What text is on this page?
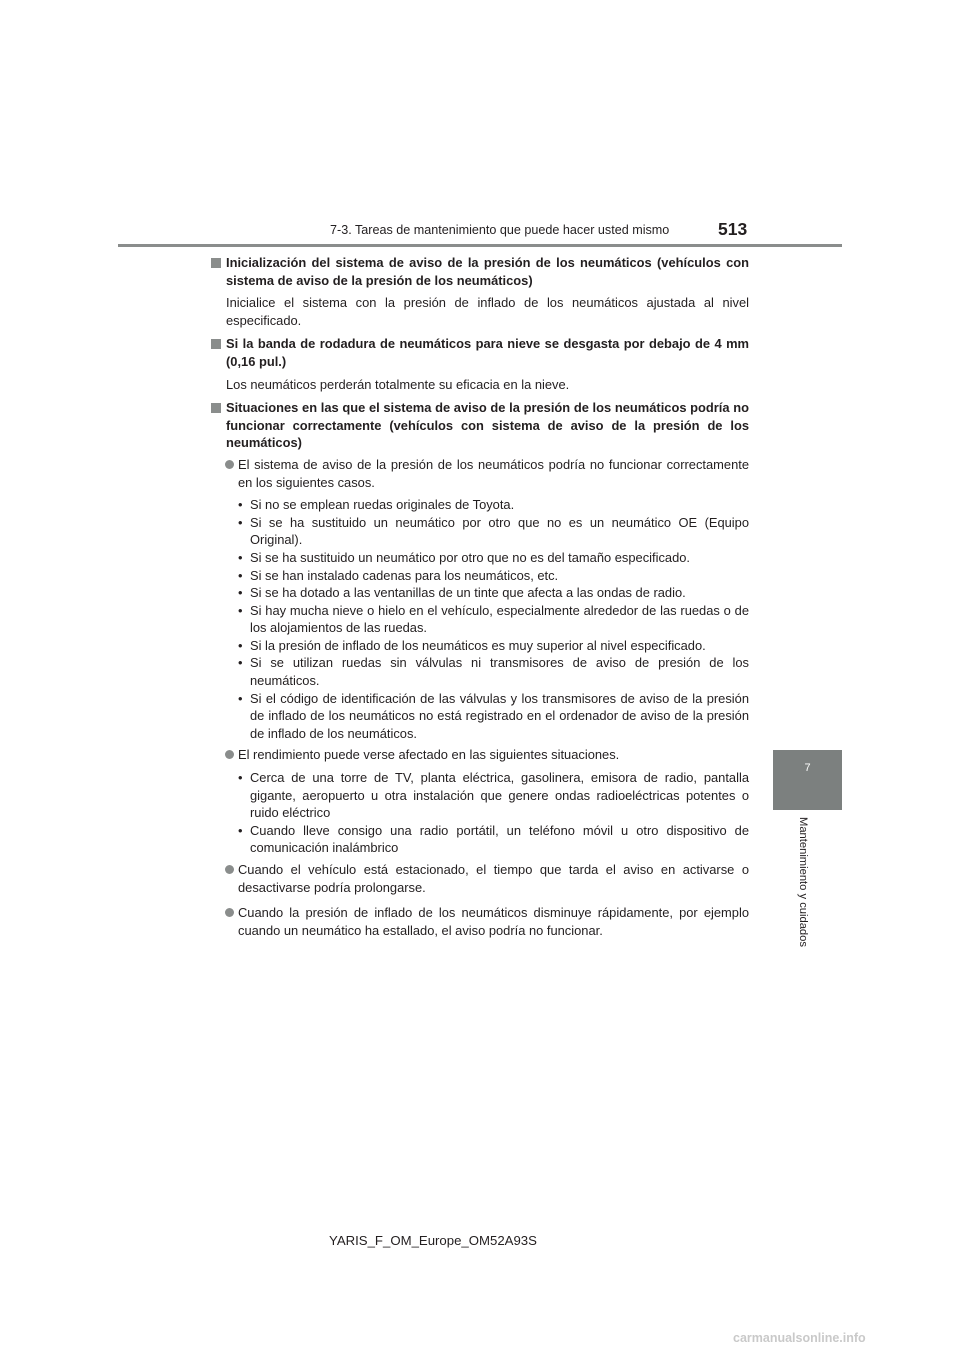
7-3. Tareas de mantenimiento que puede hacer usted mismo	513
7
Mantenimiento y cuidados

Inicialización del sistema de aviso de la presión de los neumáticos (vehículos con sistema de aviso de la presión de los neumáticos)

Inicialice el sistema con la presión de inflado de los neumáticos ajustada al nivel especificado.

Si la banda de rodadura de neumáticos para nieve se desgasta por debajo de 4 mm (0,16 pul.)

Los neumáticos perderán totalmente su eficacia en la nieve.

Situaciones en las que el sistema de aviso de la presión de los neumáticos podría no funcionar correctamente (vehículos con sistema de aviso de la presión de los neumáticos)

El sistema de aviso de la presión de los neumáticos podría no funcionar correctamente en los siguientes casos.

• Si no se emplean ruedas originales de Toyota.
• Si se ha sustituido un neumático por otro que no es un neumático OE (Equipo Original).
• Si se ha sustituido un neumático por otro que no es del tamaño especificado.
• Si se han instalado cadenas para los neumáticos, etc.
• Si se ha dotado a las ventanillas de un tinte que afecta a las ondas de radio.
• Si hay mucha nieve o hielo en el vehículo, especialmente alrededor de las ruedas o de los alojamientos de las ruedas.
• Si la presión de inflado de los neumáticos es muy superior al nivel especificado.
• Si se utilizan ruedas sin válvulas ni transmisores de aviso de presión de los neumáticos.
• Si el código de identificación de las válvulas y los transmisores de aviso de la presión de inflado de los neumáticos no está registrado en el ordenador de aviso de la presión de inflado de los neumáticos.

El rendimiento puede verse afectado en las siguientes situaciones.

• Cerca de una torre de TV, planta eléctrica, gasolinera, emisora de radio, pantalla gigante, aeropuerto u otra instalación que genere ondas radioeléctricas potentes o ruido eléctrico
• Cuando lleve consigo una radio portátil, un teléfono móvil u otro dispositivo de comunicación inalámbrico

Cuando el vehículo está estacionado, el tiempo que tarda el aviso en activarse o desactivarse podría prolongarse.

Cuando la presión de inflado de los neumáticos disminuye rápidamente, por ejemplo cuando un neumático ha estallado, el aviso podría no funcionar.

YARIS_F_OM_Europe_OM52A93S
carmanualsonline.info
